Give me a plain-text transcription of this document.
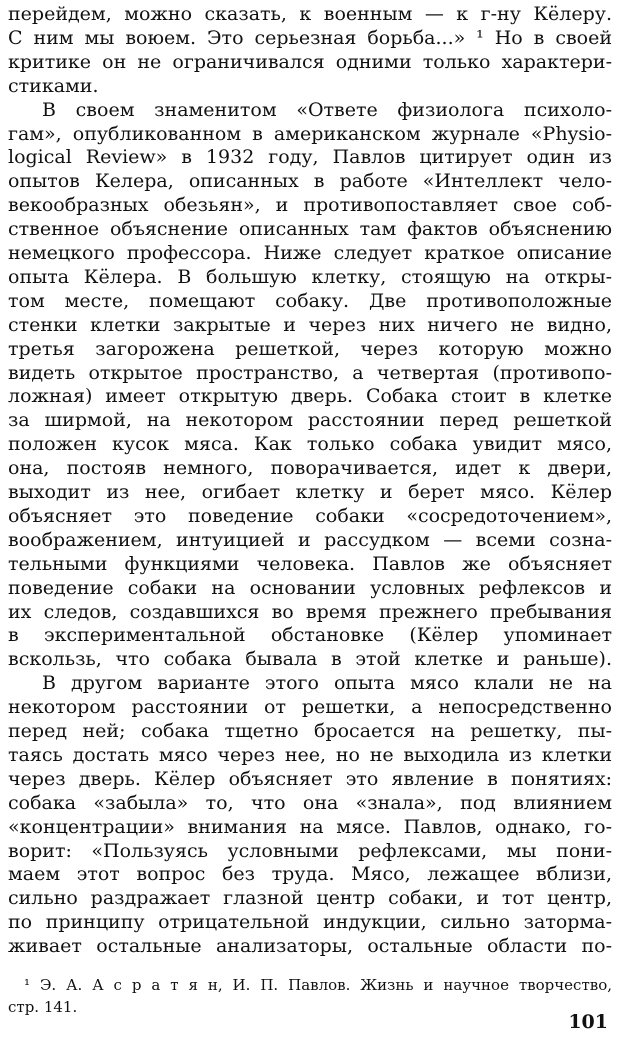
перейдем, можно сказать, к военным — к г-ну Кёлеру.
С ним мы воюем. Это серьезная борьба...» ¹ Но в своей
критике он не ограничивался одними только характери-
стиками.
В своем знаменитом «Ответе физиолога психоло-
гам», опубликованном в американском журнале «Physio-
logical Review» в 1932 году, Павлов цитирует один из
опытов Келера, описанных в работе «Интеллект чело-
векообразных обезьян», и противопоставляет свое соб-
ственное объяснение описанных там фактов объяснению
немецкого профессора. Ниже следует краткое описание
опыта Кёлера. В большую клетку, стоящую на откры-
том месте, помещают собаку. Две противоположные
стенки клетки закрытые и через них ничего не видно,
третья загорожена решеткой, через которую можно
видеть открытое пространство, а четвертая (противопо-
ложная) имеет открытую дверь. Собака стоит в клетке
за ширмой, на некотором расстоянии перед решеткой
положен кусок мяса. Как только собака увидит мясо,
она, постояв немного, поворачивается, идет к двери,
выходит из нее, огибает клетку и берет мясо. Кёлер
объясняет это поведение собаки «сосредоточением»,
воображением, интуицией и рассудком — всеми созна-
тельными функциями человека. Павлов же объясняет
поведение собаки на основании условных рефлексов и
их следов, создавшихся во время прежнего пребывания
в экспериментальной обстановке (Кёлер упоминает
вскользь, что собака бывала в этой клетке и раньше).
В другом варианте этого опыта мясо клали не на
некотором расстоянии от решетки, а непосредственно
перед ней; собака тщетно бросается на решетку, пы-
таясь достать мясо через нее, но не выходила из клетки
через дверь. Кёлер объясняет это явление в понятиях:
собака «забыла» то, что она «знала», под влиянием
«концентрации» внимания на мясе. Павлов, однако, го-
ворит: «Пользуясь условными рефлексами, мы пони-
маем этот вопрос без труда. Мясо, лежащее вблизи,
сильно раздражает глазной центр собаки, и тот центр,
по принципу отрицательной индукции, сильно заторма-
живает остальные анализаторы, остальные области по-
¹ Э. А. А с р а т я н, И. П. Павлов. Жизнь и научное творчество,
стр. 141.
101
